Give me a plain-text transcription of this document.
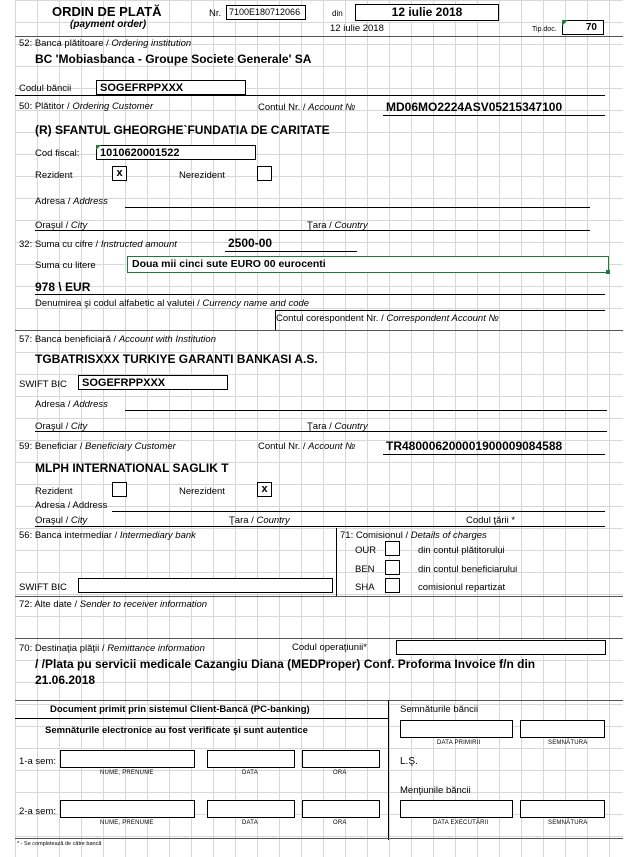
ORDIN DE PLATĂ
(payment order)
Nr. 7100E180712066	din	12 iulie 2018
12 iulie 2018	Tip.doc.	70
52: Banca plătitoare / Ordering institution
BC 'Mobiasbanca - Groupe Societe Generale' SA
Codul băncii	SOGEFRPPXXX
50: Plătitor / Ordering Customer	Contul Nr. / Account №	MD06MO2224ASV05215347100
(R) SFANTUL GHEORGHE`FUNDATIA DE CARITATE
Cod fiscal:	1010620001522
Rezident	x	Nerezident
Adresa / Address
Oraşul / City	Ţara / Country
32: Suma cu cifre / Instructed amount	2500-00
Suma cu litere	Doua mii cinci sute EURO 00 eurocenti
978 \ EUR
Denumirea şi codul alfabetic al valutei / Currency name and code
Contul corespondent Nr. / Correspondent Account №
57: Banca beneficiară / Account with Institution
TGBATRISXXX TURKIYE GARANTI BANKASI A.S.
SWIFT BIC	SOGEFRPPXXX
Adresa / Address
Oraşul / City	Ţara / Country
59: Beneficiar / Beneficiary Customer	Contul Nr. / Account №	TR480006200001900009084588
MLPH INTERNATIONAL SAGLIK T
Rezident	Nerezident	x
Adresa / Address
Oraşul / City	Ţara / Country	Codul ţării *
56: Banca intermediar / Intermediary bank	71: Comisionul / Details of charges
OUR	din contul plătitorului
BEN	din contul beneficiarului
SHA	comisionul repartizat
SWIFT BIC
72: Alte date / Sender to receiver information
70: Destinaţia plăţii / Remittance information	Codul operaţiunii*
/ /Plata pu servicii medicale Cazangiu Diana (MEDProper) Conf. Proforma Invoice f/n din
21.06.2018
Document primit prin sistemul Client-Bancă (PC-banking)
Semnăturile electronice au fost verificate şi sunt autentice
Semnăturile băncii
DATA PRIMIRII	SEMNĂTURA
1-a sem:
NUME, PRENUME	DATA	ORA
L.Ş.
Menţiunile băncii
2-a sem:
NUME, PRENUME	DATA	ORA	DATA EXECUTĂRII	SEMNĂTURA
* - Se completează de către bancă
